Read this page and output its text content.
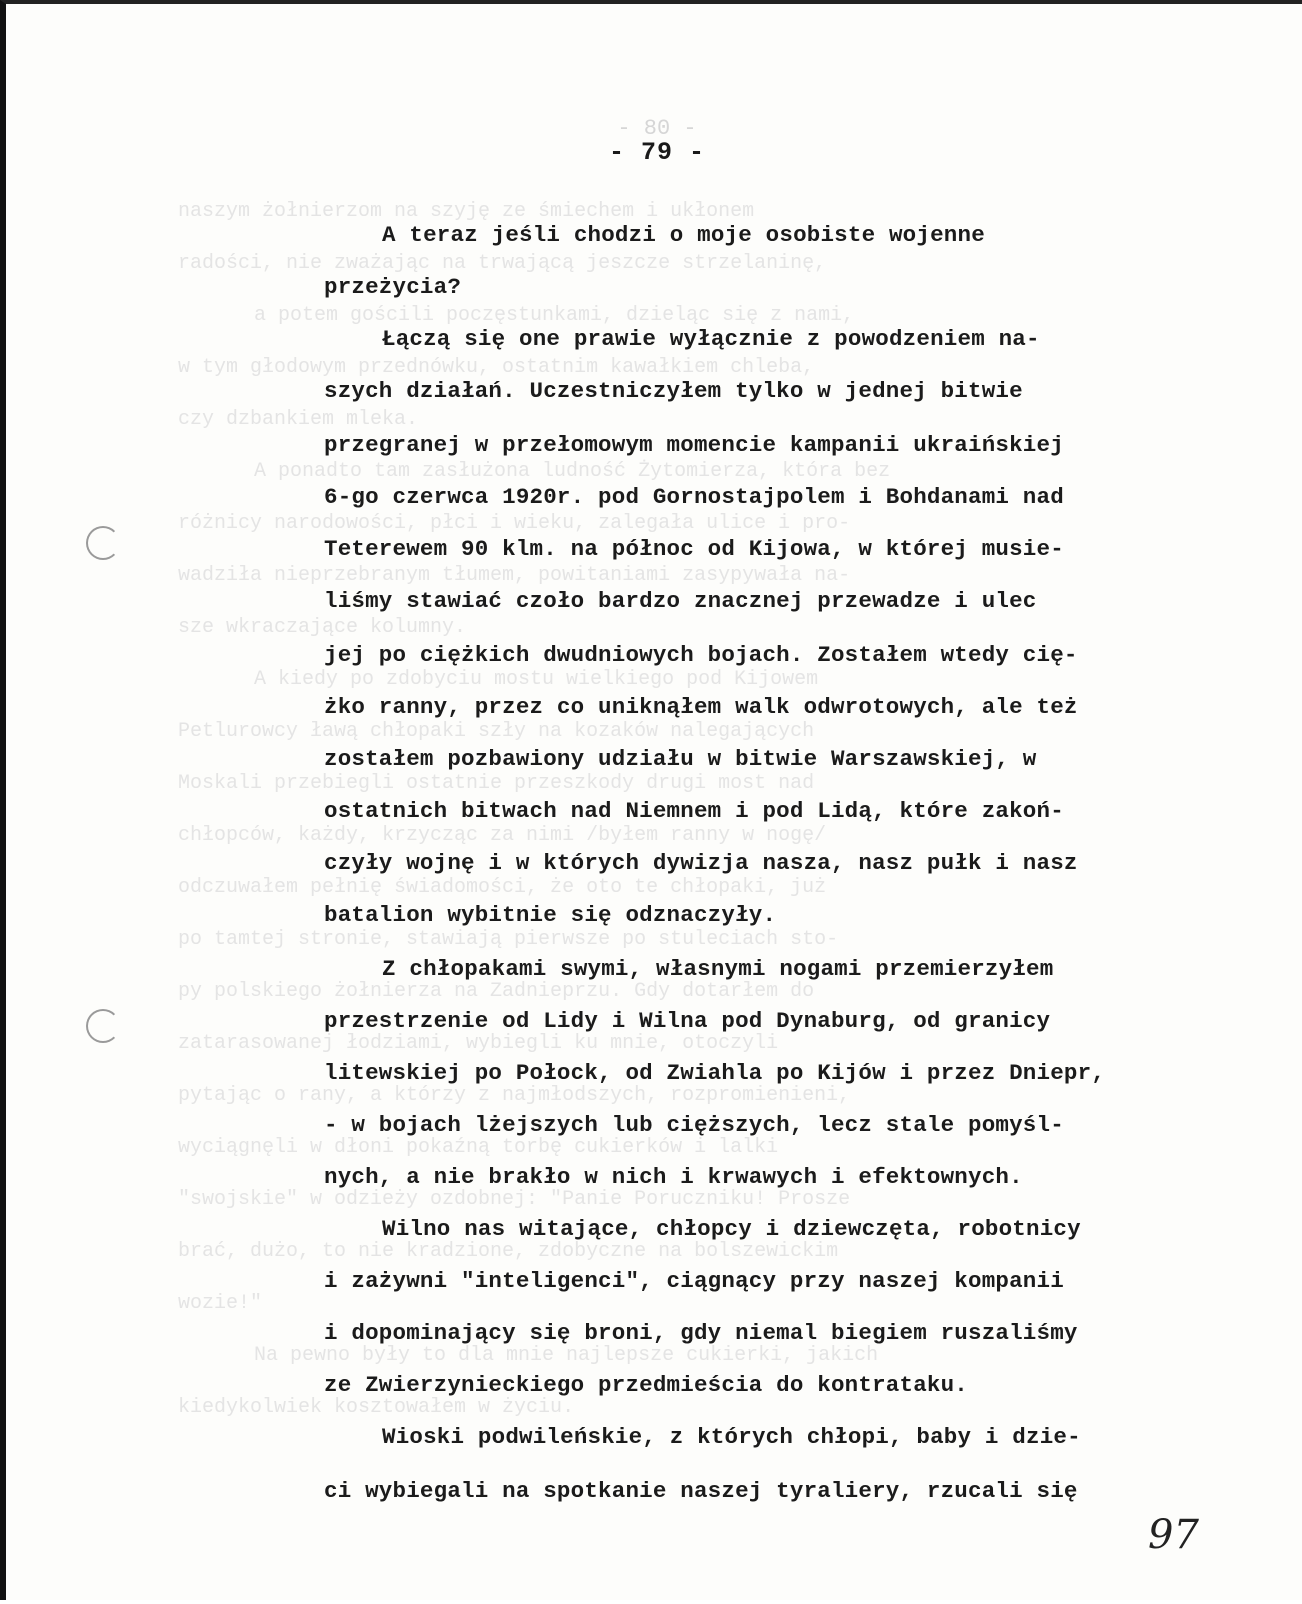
- 80 -
- 79 -
naszym żołnierzom na szyję ze śmiechem i ukłonem
radości, nie zważając na trwającą jeszcze strzelaninę,
a potem gościli poczęstunkami, dzieląc się z nami,
w tym głodowym przednówku, ostatnim kawałkiem chleba,
czy dzbankiem mleka.
A ponadto tam zasłużona ludność Żytomierza, która bez
różnicy narodowości, płci i wieku, zalegała ulice i pro-
wadziła nieprzebranym tłumem, powitaniami zasypywała na-
sze wkraczające kolumny.
A kiedy po zdobyciu mostu wielkiego pod Kijowem
Petlurowcy ławą chłopaki szły na kozaków nalegających
Moskali przebiegli ostatnie przeszkody drugi most nad
chłopców, każdy, krzycząc za nimi /byłem ranny w nogę/
odczuwałem pełnię świadomości, że oto te chłopaki, już
po tamtej stronie, stawiają pierwsze po stuleciach sto-
py polskiego żołnierza na Zadnieprzu. Gdy dotarłem do
zatarasowanej łodziami, wybiegli ku mnie, otoczyli
pytając o rany, a którzy z najmłodszych, rozpromienieni,
wyciągnęli w dłoni pokaźną torbę cukierków i lalki
"swojskie" w odzieży ozdobnej: "Panie Poruczniku! Prosze
brać, dużo, to nie kradzione, zdobyczne na bolszewickim
wozie!"
Na pewno były to dla mnie najlepsze cukierki, jakich
kiedykolwiek kosztowałem w życiu.
A teraz jeśli chodzi o moje osobiste wojenne
przeżycia?
Łączą się one prawie wyłącznie z powodzeniem na-
szych działań. Uczestniczyłem tylko w jednej bitwie
przegranej w przełomowym momencie kampanii ukraińskiej
6-go czerwca 1920r. pod Gornostajpolem i Bohdanami nad
Teterewem 90 klm. na północ od Kijowa, w której musie-
liśmy stawiać czoło bardzo znacznej przewadze i ulec
jej po ciężkich dwudniowych bojach. Zostałem wtedy cię-
żko ranny, przez co uniknąłem walk odwrotowych, ale też
zostałem pozbawiony udziału w bitwie Warszawskiej, w
ostatnich bitwach nad Niemnem i pod Lidą, które zakoń-
czyły wojnę i w których dywizja nasza, nasz pułk i nasz
batalion wybitnie się odznaczyły.
Z chłopakami swymi, własnymi nogami przemierzyłem
przestrzenie od Lidy i Wilna pod Dynaburg, od granicy
litewskiej po Połock, od Zwiahla po Kijów i przez Dniepr,
- w bojach lżejszych lub cięższych, lecz stale pomyśl-
nych, a nie brakło w nich i krwawych i efektownych.
Wilno nas witające, chłopcy i dziewczęta, robotnicy
i zażywni "inteligenci", ciągnący przy naszej kompanii
i dopominający się broni, gdy niemal biegiem ruszaliśmy
ze Zwierzynieckiego przedmieścia do kontrataku.
Wioski podwileńskie, z których chłopi, baby i dzie-
ci wybiegali na spotkanie naszej tyraliery, rzucali się
97
